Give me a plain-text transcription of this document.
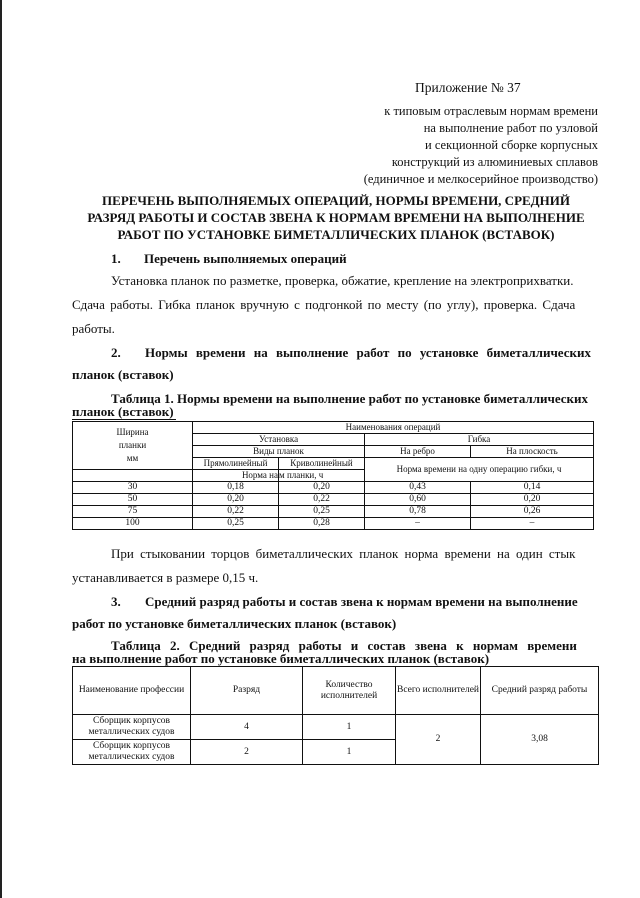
Приложение № 37
к типовым отраслевым нормам времени
на выполнение работ по узловой
и секционной сборке корпусных
конструкций из алюминиевых сплавов
(единичное и мелкосерийное производство)
ПЕРЕЧЕНЬ ВЫПОЛНЯЕМЫХ ОПЕРАЦИЙ, НОРМЫ ВРЕМЕНИ, СРЕДНИЙ
РАЗРЯД РАБОТЫ И СОСТАВ ЗВЕНА К НОРМАМ ВРЕМЕНИ НА ВЫПОЛНЕНИЕ
РАБОТ ПО УСТАНОВКЕ БИМЕТАЛЛИЧЕСКИХ ПЛАНОК (ВСТАВОК)
1. Перечень выполняемых операций
Установка планок по разметке, проверка, обжатие, крепление на электроприхватки.
Сдача работы. Гибка планок вручную с подгонкой по месту (по углу), проверка. Сдача
работы.
2. Нормы времени на выполнение работ по установке биметаллических
планок (вставок)
Таблица 1. Нормы времени на выполнение работ по установке биметаллических
планок (вставок)
Ширина
планки
мм	Наименования операций			
	Установка		Гибка	
	Виды планок		На ребро	На плоскость
	Прямолинейный	Криволинейный	Норма времени на одну операцию гибки, ч	
	Норма на	м планки, ч		
30	0,18	0,20	0,43	0,14
50	0,20	0,22	0,60	0,20
75	0,22	0,25	0,78	0,26
100	0,25	0,28	–	–
При стыковании торцов биметаллических планок норма времени на один стык
устанавливается в размере 0,15 ч.
3. Средний разряд работы и состав звена к нормам времени на выполнение
работ по установке биметаллических планок (вставок)
Таблица 2. Средний разряд работы и состав звена к нормам времени
на выполнение работ по установке биметаллических планок (вставок)
Наименование профессии	Разряд	Количество исполнителей	Всего исполнителей	Средний разряд работы
Сборщик корпусов металлических судов	4	1	2	3,08
Сборщик корпусов металлических судов	2	1		
